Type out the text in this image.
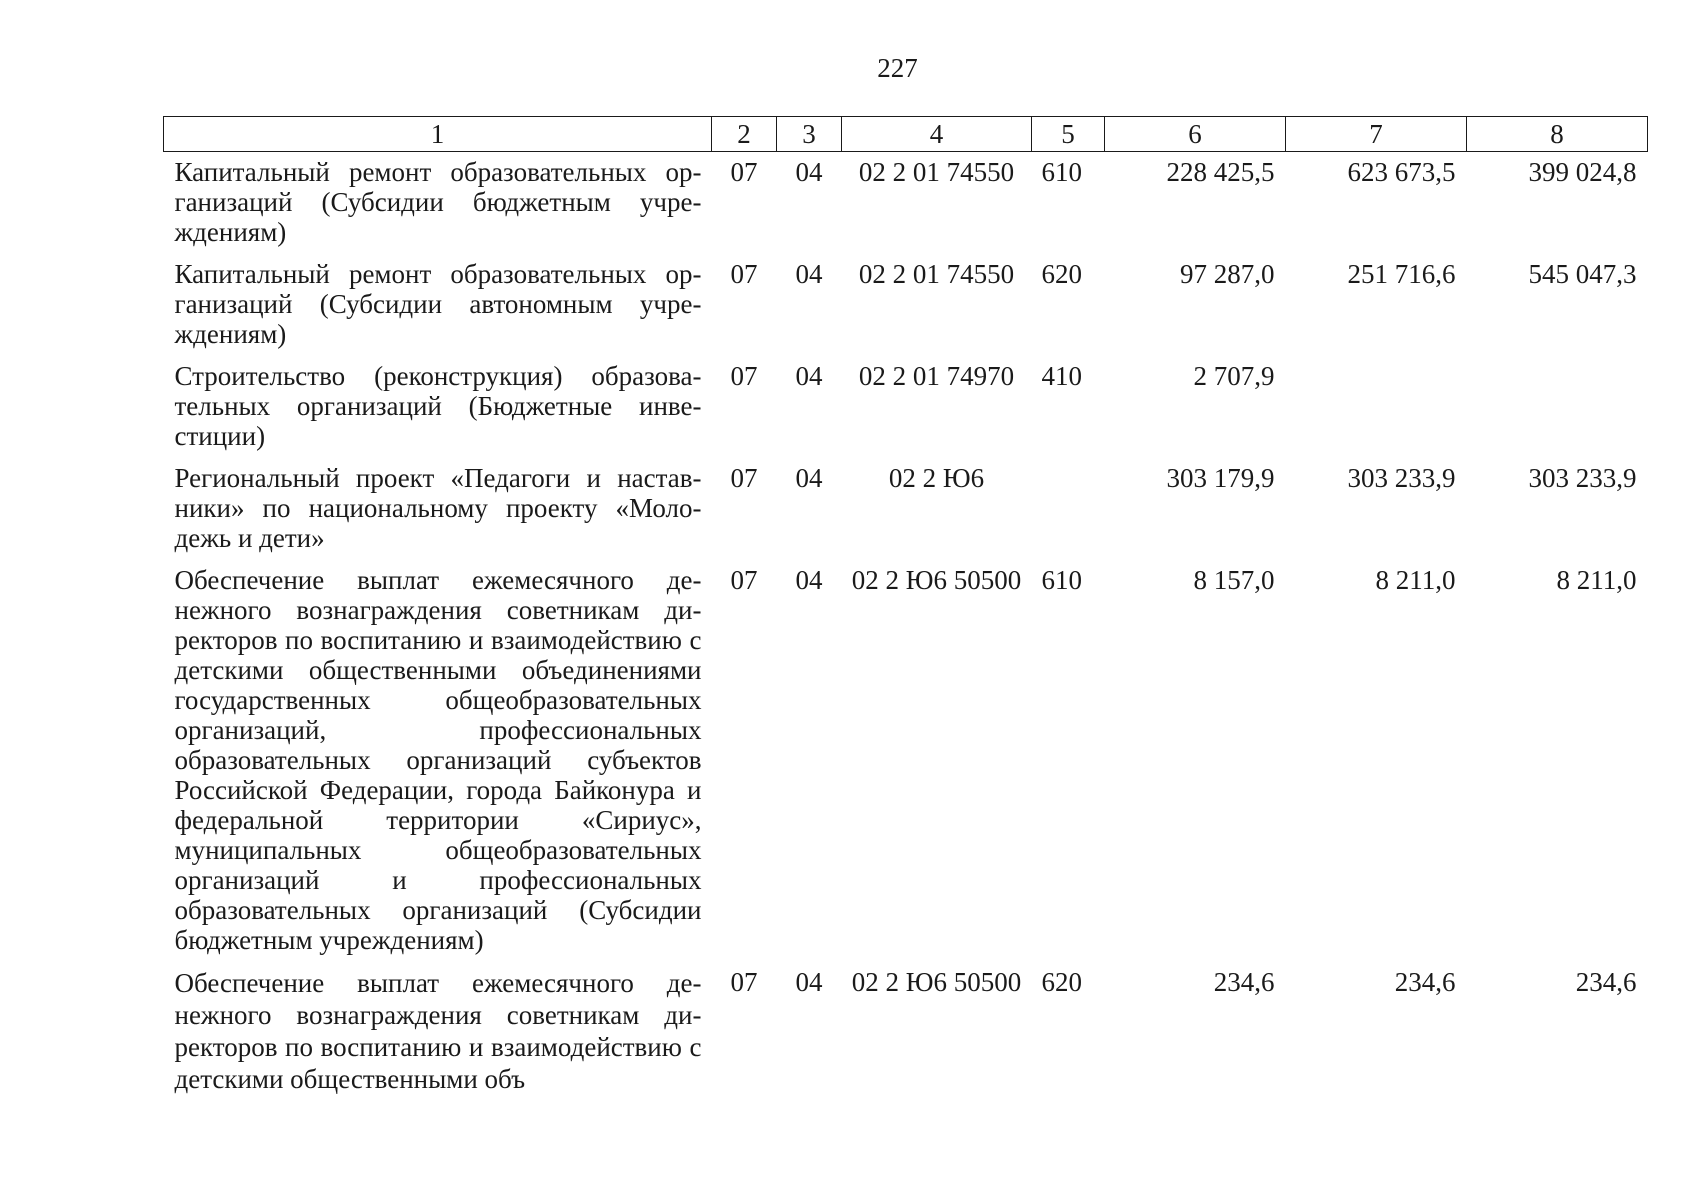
227
1	2	3	4	5	6	7	8
Капитальный ремонт образовательных организаций (Субсидии бюджетным учреждениям)	07	04	02 2 01 74550	610	228 425,5	623 673,5	399 024,8
Капитальный ремонт образовательных организаций (Субсидии автономным учреждениям)	07	04	02 2 01 74550	620	97 287,0	251 716,6	545 047,3
Строительство (реконструкция) образовательных организаций (Бюджетные инвестиции)	07	04	02 2 01 74970	410	2 707,9		
Региональный проект «Педагоги и наставники» по национальному проекту «Молодежь и дети»	07	04	02 2 Ю6		303 179,9	303 233,9	303 233,9
Обеспечение выплат ежемесячного денежного вознаграждения советникам директоров по воспитанию и взаимодействию с детскими общественными объединениями государственных общеобразовательных организаций, профессиональных образовательных организаций субъектов Российской Федерации, города Байконура и федеральной территории «Сириус», муниципальных общеобразовательных организаций и профессиональных образовательных организаций (Субсидии бюджетным учреждениям)	07	04	02 2 Ю6 50500	610	8 157,0	8 211,0	8 211,0
Обеспечение выплат ежемесячного денежного вознаграждения советникам директоров по воспитанию и взаимодействию с детскими общественными объ	07	04	02 2 Ю6 50500	620	234,6	234,6	234,6
